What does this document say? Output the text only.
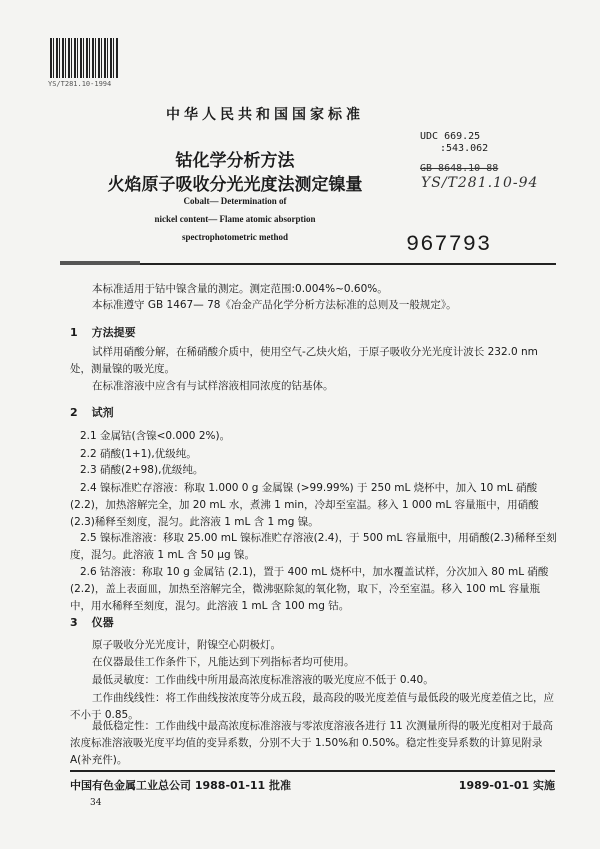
YS/T281.10-1994
中华人民共和国国家标准
UDC 669.25
:543.062
GB 8648.10—88
YS/T281.10-94
钴化学分析方法
火焰原子吸收分光光度法测定镍量
Cobalt— Determination of
nickel content— Flame atomic absorption
spectrophotometric method	967793
本标准适用于钴中镍含量的测定。测定范围:0.004%~0.60%。
本标准遵守 GB 1467— 78《冶金产品化学分析方法标准的总则及一般规定》。
1 方法提要
试样用硝酸分解，在稀硝酸介质中，使用空气-乙炔火焰，于原子吸收分光光度计波长 232.0 nm 处，测量镍的吸光度。
在标准溶液中应含有与试样溶液相同浓度的钴基体。
2 试剂
2.1 金属钴(含镍<0.000 2%)。
2.2 硝酸(1+1),优级纯。
2.3 硝酸(2+98),优级纯。
2.4 镍标准贮存溶液：称取 1.000 0 g 金属镍 (>99.99%) 于 250 mL 烧杯中，加入 10 mL 硝酸(2.2)，加热溶解完全，加 20 mL 水，煮沸 1 min，冷却至室温。移入 1 000 mL 容量瓶中，用硝酸(2.3)稀释至刻度，混匀。此溶液 1 mL 含 1 mg 镍。
2.5 镍标准溶液：移取 25.00 mL 镍标准贮存溶液(2.4)，于 500 mL 容量瓶中，用硝酸(2.3)稀释至刻度，混匀。此溶液 1 mL 含 50 μg 镍。
2.6 钴溶液：称取 10 g 金属钴 (2.1)，置于 400 mL 烧杯中，加水覆盖试样，分次加入 80 mL 硝酸(2.2)，盖上表面皿，加热至溶解完全，微沸驱除氮的氧化物，取下，冷至室温。移入 100 mL 容量瓶中，用水稀释至刻度，混匀。此溶液 1 mL 含 100 mg 钴。
3 仪器
原子吸收分光光度计，附镍空心阴极灯。
在仪器最佳工作条件下，凡能达到下列指标者均可使用。
最低灵敏度：工作曲线中所用最高浓度标准溶液的吸光度应不低于 0.40。
工作曲线线性：将工作曲线按浓度等分成五段，最高段的吸光度差值与最低段的吸光度差值之比，应不小于 0.85。
最低稳定性：工作曲线中最高浓度标准溶液与零浓度溶液各进行 11 次测量所得的吸光度相对于最高浓度标准溶液吸光度平均值的变异系数，分别不大于 1.50%和 0.50%。稳定性变异系数的计算见附录 A(补充件)。
中国有色金属工业总公司 1988-01-11 批准	1989-01-01 实施
34
